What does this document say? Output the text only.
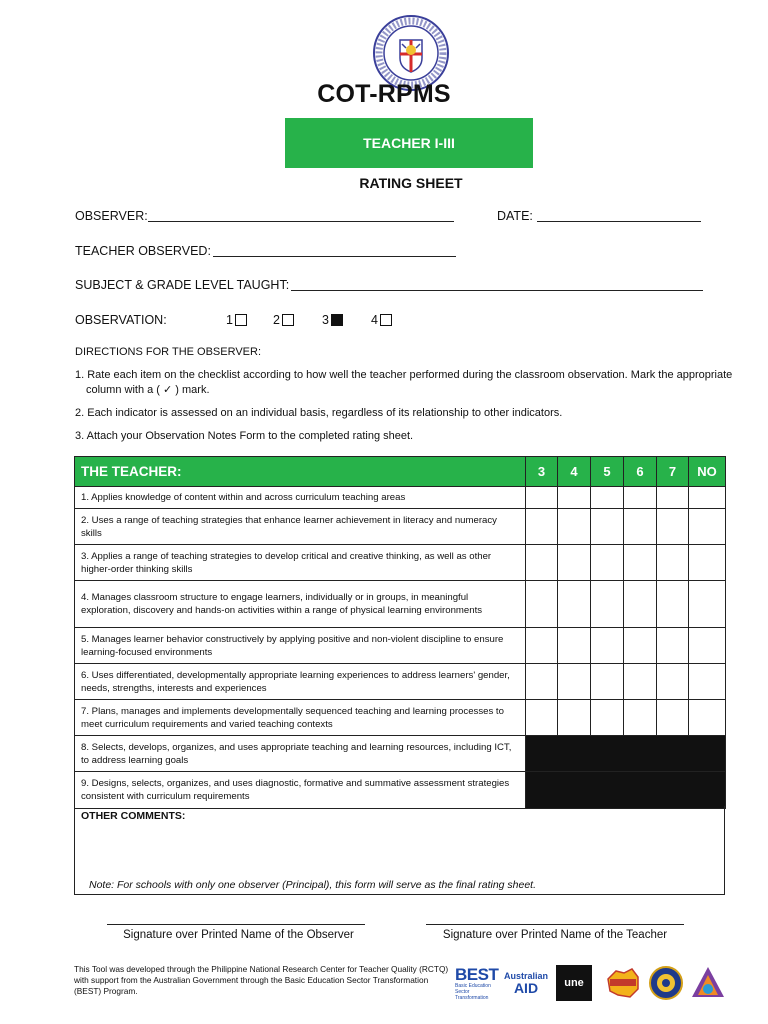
COT-RPMS
TEACHER I-III
RATING SHEET
OBSERVER:	DATE:
TEACHER OBSERVED:
SUBJECT & GRADE LEVEL TAUGHT:
OBSERVATION:	1	2	3	4

DIRECTIONS FOR THE OBSERVER:

1. Rate each item on the checklist according to how well the teacher performed during the classroom observation. Mark the appropriate column with a ( ✓ ) mark.

2. Each indicator is assessed on an individual basis, regardless of its relationship to other indicators.

3. Attach your Observation Notes Form to the completed rating sheet.

THE TEACHER:	3	4	5	6	7	NO
1. Applies knowledge of content within and across curriculum teaching areas						
2. Uses a range of teaching strategies that enhance learner achievement in literacy and numeracy skills						
3. Applies a range of teaching strategies to develop critical and creative thinking, as well as other higher-order thinking skills						
4. Manages classroom structure to engage learners, individually or in groups, in meaningful exploration, discovery and hands-on activities within a range of physical learning environments						
5. Manages learner behavior constructively by applying positive and non-violent discipline to ensure learning-focused environments						
6. Uses differentiated, developmentally appropriate learning experiences to address learners' gender, needs, strengths, interests and experiences						
7. Plans, manages and implements developmentally sequenced teaching and learning processes to meet curriculum requirements and varied teaching contexts						
8. Selects, develops, organizes, and uses appropriate teaching and learning resources, including ICT, to address learning goals						
9. Designs, selects, organizes, and uses diagnostic, formative and summative assessment strategies consistent with curriculum requirements						
OTHER COMMENTS:
Note: For schools with only one observer (Principal), this form will serve as the final rating sheet.
Signature over Printed Name of the Observer	Signature over Printed Name of the Teacher
This Tool was developed through the Philippine National Research Center for Teacher Quality (RCTQ) with support from the Australian Government through the Basic Education Sector Transformation (BEST) Program.
BEST
Basic Education Sector Transformation
Australian
AID	une
